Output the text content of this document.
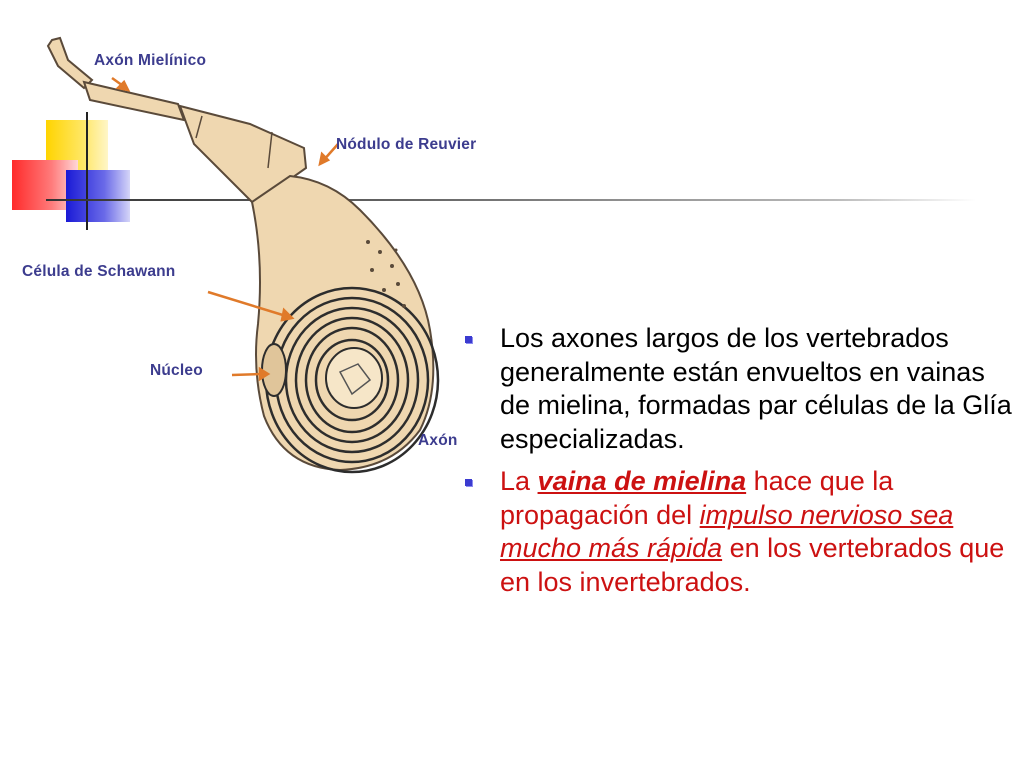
Axón Mielínico
Nódulo de Reuvier
Célula de Schawann
Núcleo
Axón
Los axones largos de los vertebrados generalmente están envueltos en vainas de mielina, formadas par células de la Glía especializadas.
La vaina de mielina hace que la propagación del impulso nervioso sea mucho más rápida en los vertebrados que en los invertebrados.
